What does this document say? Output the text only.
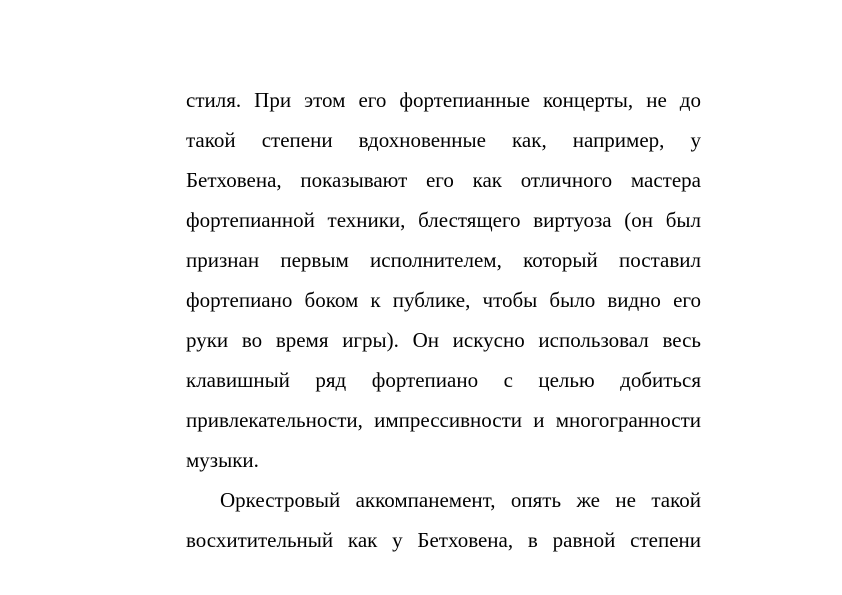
стиля. При этом его фортепианные концерты, не до
такой степени вдохновенные как, например, у
Бетховена, показывают его как отличного мастера
фортепианной техники, блестящего виртуоза (он был
признан первым исполнителем, который поставил
фортепиано боком к публике, чтобы было видно его
руки во время игры). Он искусно использовал весь
клавишный ряд фортепиано с целью добиться
привлекательности, импрессивности и многогранности
музыки.
Оркестровый аккомпанемент, опять же не такой
восхитительный как у Бетховена, в равной степени
